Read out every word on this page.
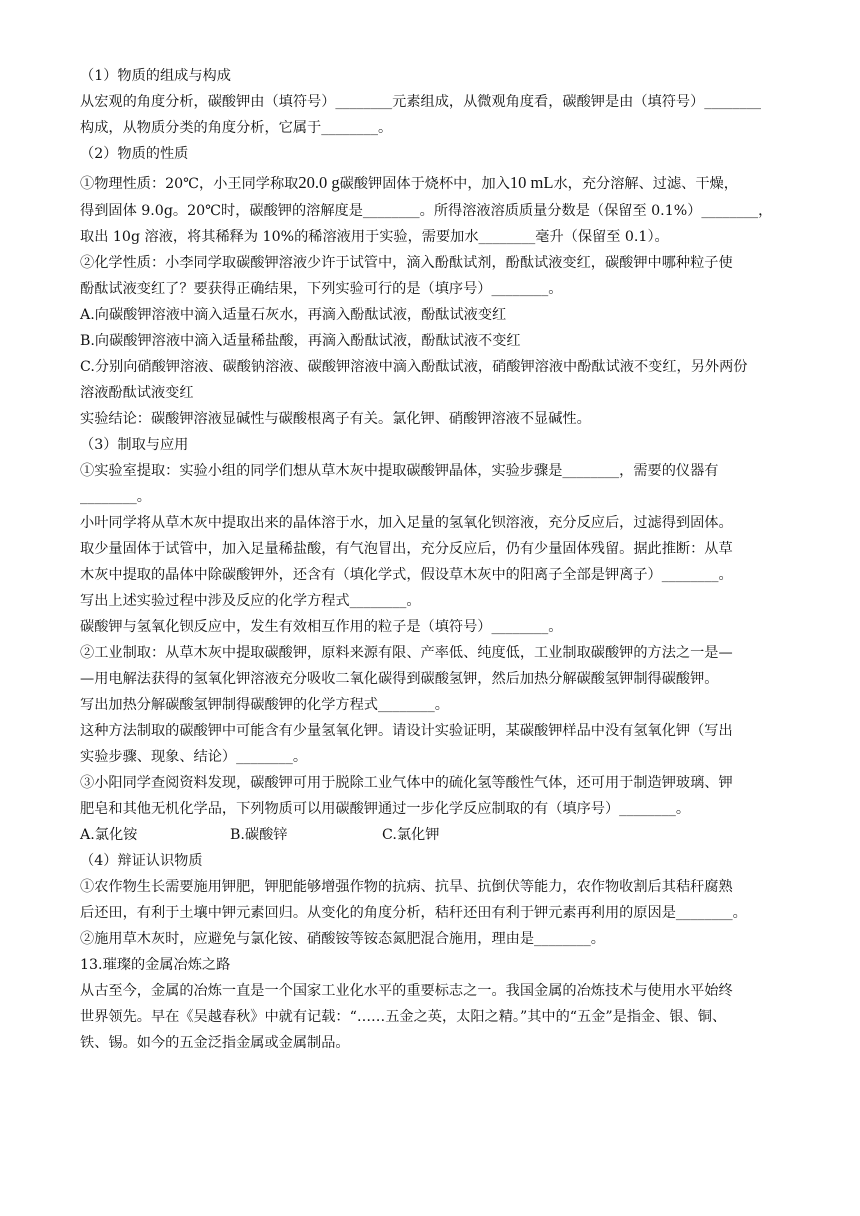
（1）物质的组成与构成
从宏观的角度分析，碳酸钾由（填符号）________元素组成，从微观角度看，碳酸钾是由（填符号）________
构成，从物质分类的角度分析，它属于________。
（2）物质的性质
①物理性质：20℃，小王同学称取20.0 g碳酸钾固体于烧杯中，加入10 mL水，充分溶解、过滤、干燥，
得到固体 9.0g。20℃时，碳酸钾的溶解度是________。所得溶液溶质质量分数是（保留至 0.1%）________，
取出 10g 溶液，将其稀释为 10%的稀溶液用于实验，需要加水________毫升（保留至 0.1）。
②化学性质：小李同学取碳酸钾溶液少许于试管中，滴入酚酞试剂，酚酞试液变红，碳酸钾中哪种粒子使
酚酞试液变红了？要获得正确结果，下列实验可行的是（填序号）________。
A.向碳酸钾溶液中滴入适量石灰水，再滴入酚酞试液，酚酞试液变红
B.向碳酸钾溶液中滴入适量稀盐酸，再滴入酚酞试液，酚酞试液不变红
C.分别向硝酸钾溶液、碳酸钠溶液、碳酸钾溶液中滴入酚酞试液，硝酸钾溶液中酚酞试液不变红，另外两份
溶液酚酞试液变红
实验结论：碳酸钾溶液显碱性与碳酸根离子有关。氯化钾、硝酸钾溶液不显碱性。
（3）制取与应用
①实验室提取：实验小组的同学们想从草木灰中提取碳酸钾晶体，实验步骤是________，需要的仪器有
________。
小叶同学将从草木灰中提取出来的晶体溶于水，加入足量的氢氧化钡溶液，充分反应后，过滤得到固体。
取少量固体于试管中，加入足量稀盐酸，有气泡冒出，充分反应后，仍有少量固体残留。据此推断：从草
木灰中提取的晶体中除碳酸钾外，还含有（填化学式，假设草木灰中的阳离子全部是钾离子）________。
写出上述实验过程中涉及反应的化学方程式________。
碳酸钾与氢氧化钡反应中，发生有效相互作用的粒子是（填符号）________。
②工业制取：从草木灰中提取碳酸钾，原料来源有限、产率低、纯度低，工业制取碳酸钾的方法之一是—
—用电解法获得的氢氧化钾溶液充分吸收二氧化碳得到碳酸氢钾，然后加热分解碳酸氢钾制得碳酸钾。
写出加热分解碳酸氢钾制得碳酸钾的化学方程式________。
这种方法制取的碳酸钾中可能含有少量氢氧化钾。请设计实验证明，某碳酸钾样品中没有氢氧化钾（写出
实验步骤、现象、结论）________。
③小阳同学查阅资料发现，碳酸钾可用于脱除工业气体中的硫化氢等酸性气体，还可用于制造钾玻璃、钾
肥皂和其他无机化学品，下列物质可以用碳酸钾通过一步化学反应制取的有（填序号）________。
A.氯化铵	B.碳酸锌	C.氯化钾
（4）辩证认识物质
①农作物生长需要施用钾肥，钾肥能够增强作物的抗病、抗旱、抗倒伏等能力，农作物收割后其秸秆腐熟
后还田，有利于土壤中钾元素回归。从变化的角度分析，秸秆还田有利于钾元素再利用的原因是________。
②施用草木灰时，应避免与氯化铵、硝酸铵等铵态氮肥混合施用，理由是________。
13.璀璨的金属冶炼之路
从古至今，金属的冶炼一直是一个国家工业化水平的重要标志之一。我国金属的冶炼技术与使用水平始终
世界领先。早在《吴越春秋》中就有记载：“……五金之英，太阳之精。”其中的“五金”是指金、银、铜、
铁、锡。如今的五金泛指金属或金属制品。
